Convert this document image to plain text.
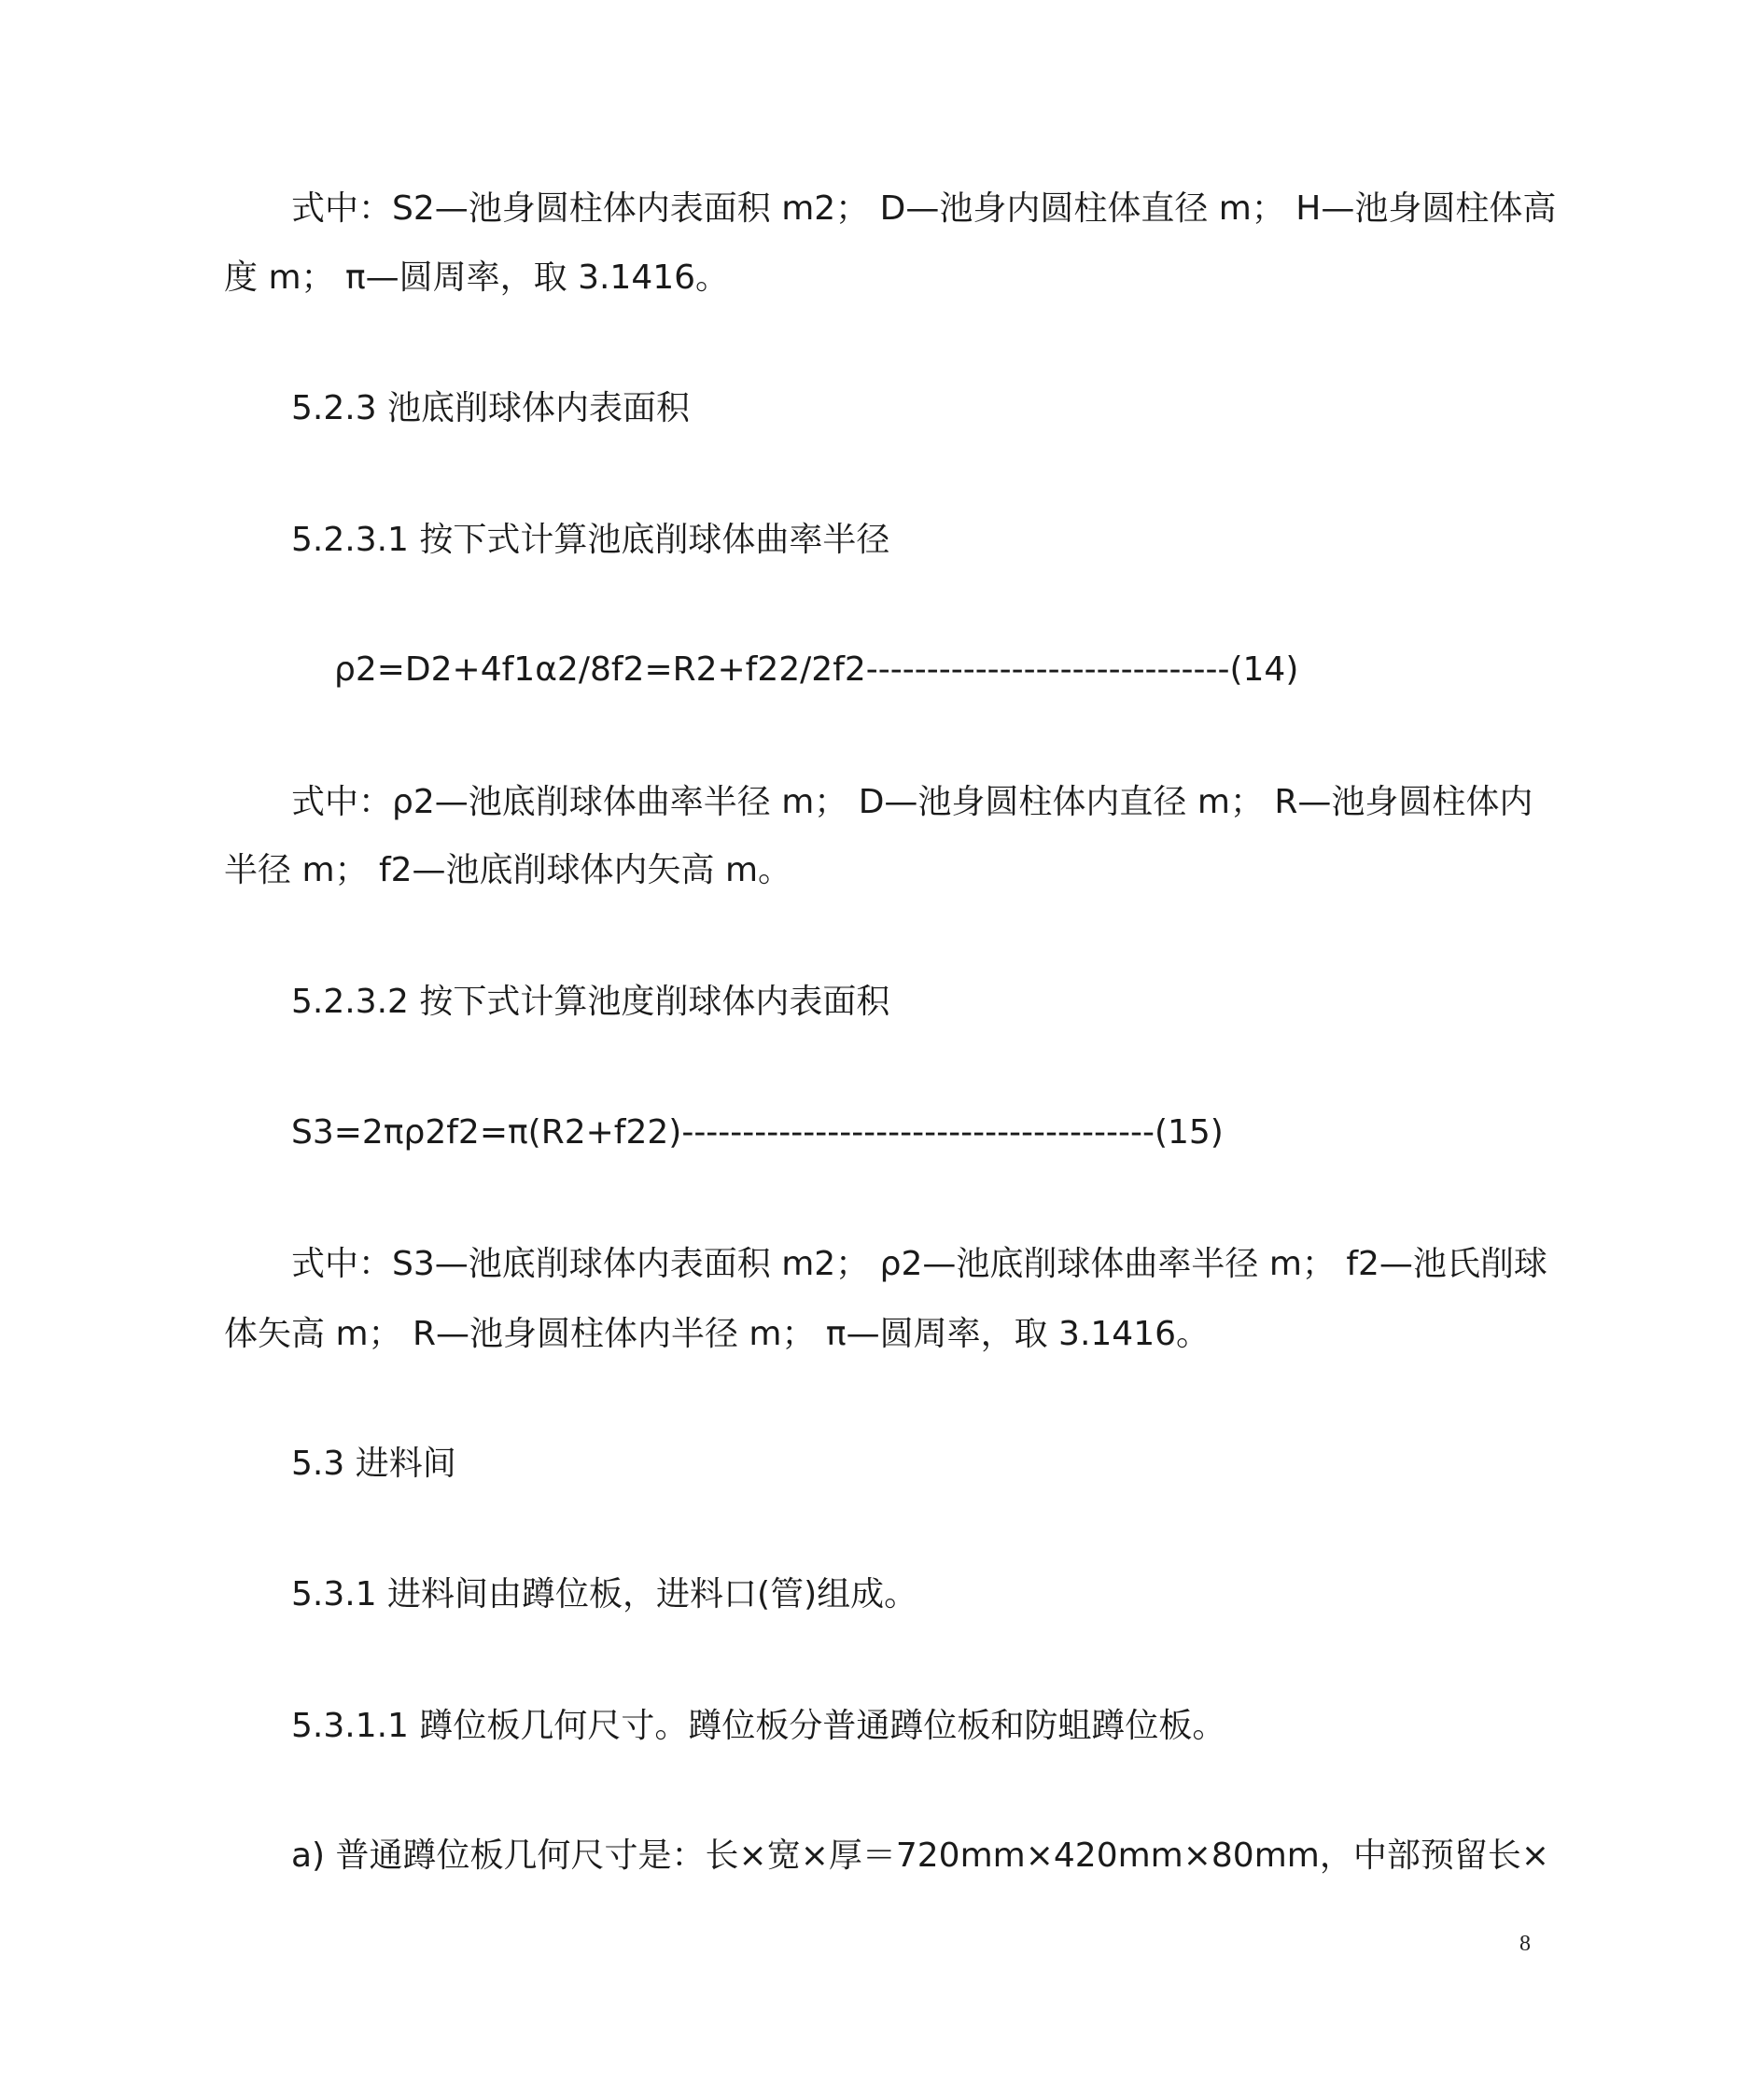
式中：S2—池身圆柱体内表面积 m2； D—池身内圆柱体直径 m； H—池身圆柱体高
度 m； π—圆周率，取 3.1416。
5.2.3 池底削球体内表面积
5.2.3.1 按下式计算池底削球体曲率半径
ρ2=D2+4f1α2/8f2=R2+f22/2f2------------------------------(14)
式中：ρ2—池底削球体曲率半径 m； D—池身圆柱体内直径 m； R—池身圆柱体内
半径 m； f2—池底削球体内矢高 m。
5.2.3.2 按下式计算池度削球体内表面积
S3=2πρ2f2=π(R2+f22)---------------------------------------(15)
式中：S3—池底削球体内表面积 m2； ρ2—池底削球体曲率半径 m； f2—池氏削球
体矢高 m； R—池身圆柱体内半径 m； π—圆周率，取 3.1416。
5.3 进料间
5.3.1 进料间由蹲位板，进料口(管)组成。
5.3.1.1 蹲位板几何尺寸。蹲位板分普通蹲位板和防蛆蹲位板。
a) 普通蹲位板几何尺寸是：长×宽×厚＝720mm×420mm×80mm，中部预留长×
8
